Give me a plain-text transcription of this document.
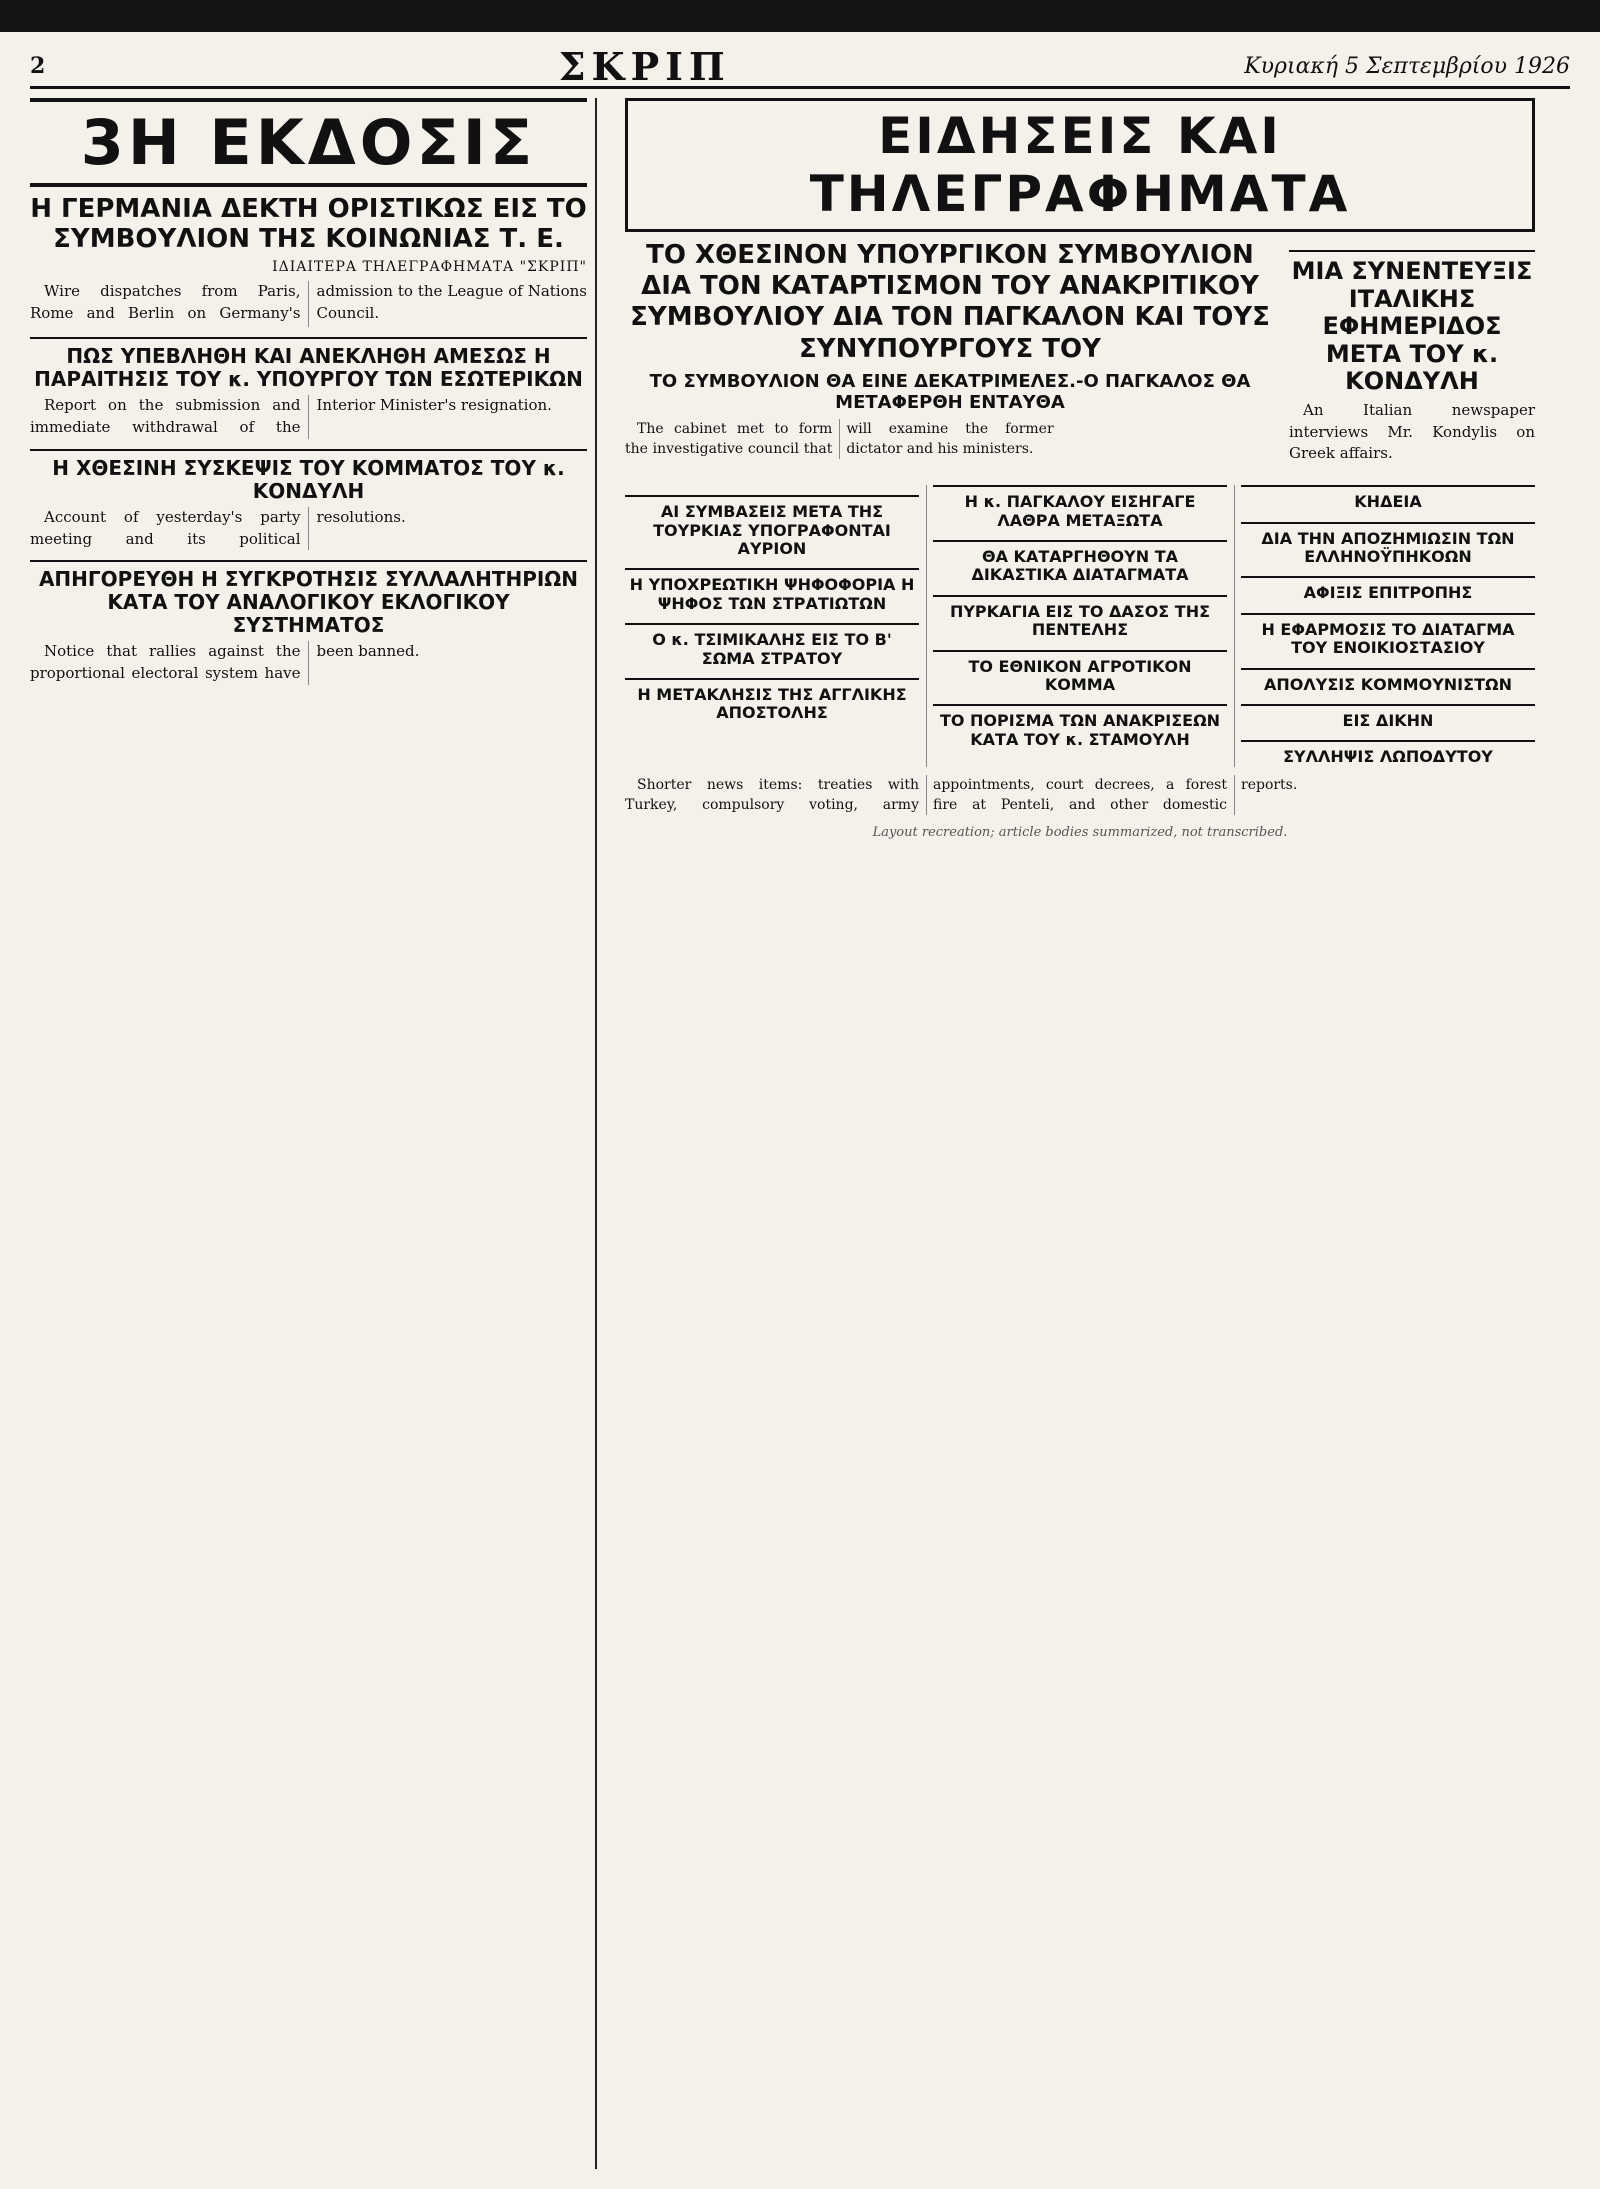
2	ΣΚΡΙΠ	Κυριακή 5 Σεπτεμβρίου 1926
3Η ΕΚΔΟΣΙΣ
Η ΓΕΡΜΑΝΙΑ ΔΕΚΤΗ ΟΡΙΣΤΙΚΩΣ ΕΙΣ ΤΟ ΣΥΜΒΟΥΛΙΟΝ ΤΗΣ ΚΟΙΝΩΝΙΑΣ Τ. Ε.
ΙΔΙΑΙΤΕΡΑ ΤΗΛΕΓΡΑΦΗΜΑΤΑ "ΣΚΡΙΠ"

Wire dispatches from Paris, Rome and Berlin on Germany's admission to the League of Nations Council.

ΠΩΣ ΥΠΕΒΛΗΘΗ ΚΑΙ ΑΝΕΚΛΗΘΗ ΑΜΕΣΩΣ Η ΠΑΡΑΙΤΗΣΙΣ ΤΟΥ κ. ΥΠΟΥΡΓΟΥ ΤΩΝ ΕΣΩΤΕΡΙΚΩΝ

Report on the submission and immediate withdrawal of the Interior Minister's resignation.

Η ΧΘΕΣΙΝΗ ΣΥΣΚΕΨΙΣ ΤΟΥ ΚΟΜΜΑΤΟΣ ΤΟΥ κ. ΚΟΝΔΥΛΗ

Account of yesterday's party meeting and its political resolutions.

ΑΠΗΓΟΡΕΥΘΗ Η ΣΥΓΚΡΟΤΗΣΙΣ ΣΥΛΛΑΛΗΤΗΡΙΩΝ ΚΑΤΑ ΤΟΥ ΑΝΑΛΟΓΙΚΟΥ ΕΚΛΟΓΙΚΟΥ ΣΥΣΤΗΜΑΤΟΣ

Notice that rallies against the proportional electoral system have been banned.

ΕΙΔΗΣΕΙΣ ΚΑΙ ΤΗΛΕΓΡΑΦΗΜΑΤΑ
ΤΟ ΧΘΕΣΙΝΟΝ ΥΠΟΥΡΓΙΚΟΝ ΣΥΜΒΟΥΛΙΟΝ ΔΙΑ ΤΟΝ ΚΑΤΑΡΤΙΣΜΟΝ ΤΟΥ ΑΝΑΚΡΙΤΙΚΟΥ ΣΥΜΒΟΥΛΙΟΥ ΔΙΑ ΤΟΝ ΠΑΓΚΑΛΟΝ ΚΑΙ ΤΟΥΣ ΣΥΝΥΠΟΥΡΓΟΥΣ ΤΟΥ
ΤΟ ΣΥΜΒΟΥΛΙΟΝ ΘΑ ΕΙΝΕ ΔΕΚΑΤΡΙΜΕΛΕΣ.-Ο ΠΑΓΚΑΛΟΣ ΘΑ ΜΕΤΑΦΕΡΘΗ ΕΝΤΑΥΘΑ

The cabinet met to form the investigative council that will examine the former dictator and his ministers.

ΜΙΑ ΣΥΝΕΝΤΕΥΞΙΣ ΙΤΑΛΙΚΗΣ ΕΦΗΜΕΡΙΔΟΣ ΜΕΤΑ ΤΟΥ κ. ΚΟΝΔΥΛΗ

An Italian newspaper interviews Mr. Kondylis on Greek affairs.

ΑΙ ΣΥΜΒΑΣΕΙΣ ΜΕΤΑ ΤΗΣ ΤΟΥΡΚΙΑΣ ΥΠΟΓΡΑΦΟΝΤΑΙ ΑΥΡΙΟΝ
Η ΥΠΟΧΡΕΩΤΙΚΗ ΨΗΦΟΦΟΡΙΑ Η ΨΗΦΟΣ ΤΩΝ ΣΤΡΑΤΙΩΤΩΝ
Ο κ. ΤΣΙΜΙΚΑΛΗΣ ΕΙΣ ΤΟ Β' ΣΩΜΑ ΣΤΡΑΤΟΥ
Η ΜΕΤΑΚΛΗΣΙΣ ΤΗΣ ΑΓΓΛΙΚΗΣ ΑΠΟΣΤΟΛΗΣ
Η κ. ΠΑΓΚΑΛΟΥ ΕΙΣΗΓΑΓΕ ΛΑΘΡΑ ΜΕΤΑΞΩΤΑ
ΘΑ ΚΑΤΑΡΓΗΘΟΥΝ ΤΑ ΔΙΚΑΣΤΙΚΑ ΔΙΑΤΑΓΜΑΤΑ
ΠΥΡΚΑΓΙΑ ΕΙΣ ΤΟ ΔΑΣΟΣ ΤΗΣ ΠΕΝΤΕΛΗΣ
ΤΟ ΕΘΝΙΚΟΝ ΑΓΡΟΤΙΚΟΝ ΚΟΜΜΑ
ΤΟ ΠΟΡΙΣΜΑ ΤΩΝ ΑΝΑΚΡΙΣΕΩΝ ΚΑΤΑ ΤΟΥ κ. ΣΤΑΜΟΥΛΗ
ΚΗΔΕΙΑ
ΔΙΑ ΤΗΝ ΑΠΟΖΗΜΙΩΣΙΝ ΤΩΝ ΕΛΛΗΝΟΫΠΗΚΟΩΝ
ΑΦΙΞΙΣ ΕΠΙΤΡΟΠΗΣ
Η ΕΦΑΡΜΟΣΙΣ ΤΟ ΔΙΑΤΑΓΜΑ ΤΟΥ ΕΝΟΙΚΙΟΣΤΑΣΙΟΥ
ΑΠΟΛΥΣΙΣ ΚΟΜΜΟΥΝΙΣΤΩΝ
ΕΙΣ ΔΙΚΗΝ
ΣΥΛΛΗΨΙΣ ΛΩΠΟΔΥΤΟΥ

Shorter news items: treaties with Turkey, compulsory voting, army appointments, court decrees, a forest fire at Penteli, and other domestic reports.

Layout recreation; article bodies summarized, not transcribed.
